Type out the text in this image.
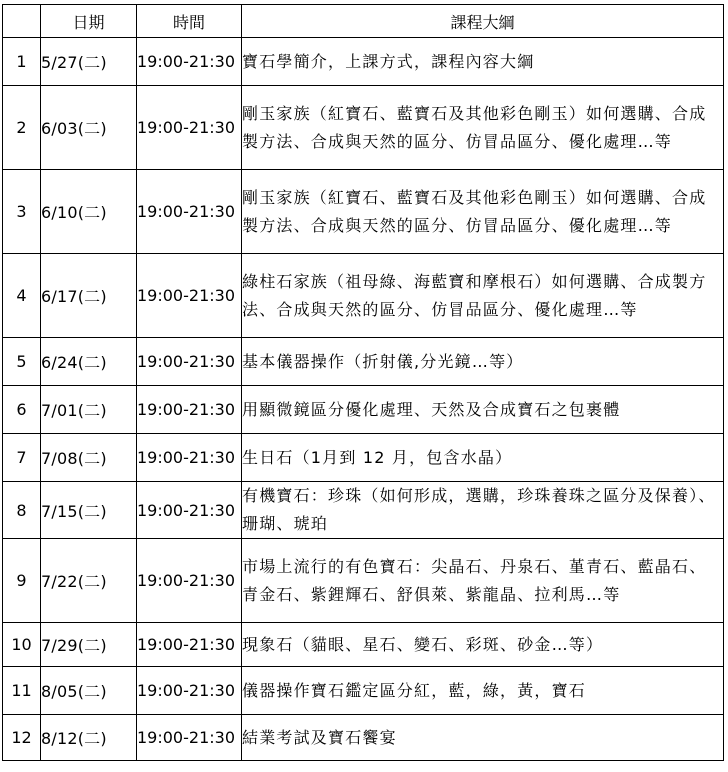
	日期	時間	課程大綱
1	5/27(二)	19:00-21:30	寶石學簡介，上課方式，課程內容大綱
2	6/03(二)	19:00-21:30	剛玉家族（紅寶石、藍寶石及其他彩色剛玉）如何選購、合成製方法、合成與天然的區分、仿冒品區分、優化處理…等
3	6/10(二)	19:00-21:30	剛玉家族（紅寶石、藍寶石及其他彩色剛玉）如何選購、合成製方法、合成與天然的區分、仿冒品區分、優化處理…等
4	6/17(二)	19:00-21:30	綠柱石家族（祖母綠、海藍寶和摩根石）如何選購、合成製方法、合成與天然的區分、仿冒品區分、優化處理…等
5	6/24(二)	19:00-21:30	基本儀器操作（折射儀,分光鏡…等）
6	7/01(二)	19:00-21:30	用顯微鏡區分優化處理、天然及合成寶石之包裹體
7	7/08(二)	19:00-21:30	生日石（1月到 12 月，包含水晶）
8	7/15(二)	19:00-21:30	有機寶石：珍珠（如何形成，選購，珍珠養珠之區分及保養）、珊瑚、琥珀
9	7/22(二)	19:00-21:30	市場上流行的有色寶石：尖晶石、丹泉石、堇青石、藍晶石、青金石、紫鋰輝石、舒俱萊、紫龍晶、拉利馬…等
10	7/29(二)	19:00-21:30	現象石（貓眼、星石、變石、彩斑、砂金…等）
11	8/05(二)	19:00-21:30	儀器操作寶石鑑定區分紅，藍，綠，黃，寶石
12	8/12(二)	19:00-21:30	結業考試及寶石饗宴
